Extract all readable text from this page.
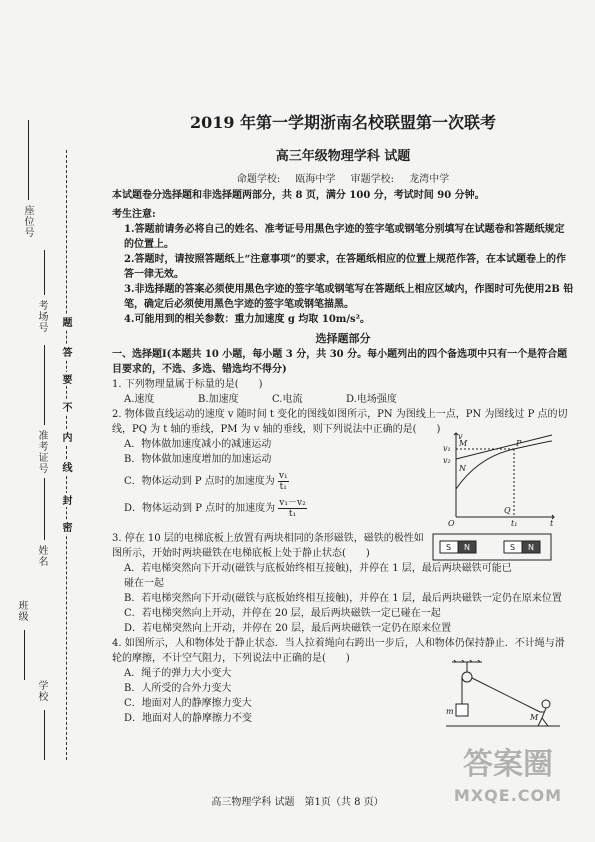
座位号
考场号
准考证号
姓名
班级
学校
题
答
要
不
内
线
封
密
2019 年第一学期浙南名校联盟第一次联考
高三年级物理学科 试题
命题学校: 瓯海中学 审题学校: 龙湾中学

本试题卷分选择题和非选择题两部分，共 8 页，满分 100 分，考试时间 90 分钟。

考生注意:

1.答题前请务必将自己的姓名、准考证号用黑色字迹的签字笔或钢笔分别填写在试题卷和答题纸规定的位置上。

2.答题时，请按照答题纸上“注意事项”的要求，在答题纸相应的位置上规范作答，在本试题卷上的作答一律无效。

3.非选择题的答案必须使用黑色字迹的签字笔或钢笔写在答题纸上相应区域内，作图时可先使用2B 铅笔，确定后必须使用黑色字迹的签字笔或钢笔描黑。

4.可能用到的相关参数：重力加速度 g 均取 10m/s²。

选择题部分

一、选择题Ⅰ(本题共 10 小题，每小题 3 分，共 30 分。每小题列出的四个备选项中只有一个是符合题目要求的，不选、多选、错选均不得分)

1. 下列物理量属于标量的是(　　)

A.速度	B.加速度	C.电流	D.电场强度

2. 物体做直线运动的速度 v 随时间 t 变化的图线如图所示，PN 为图线上一点，PN 为图线过 P 点的切线，PQ 为 t 轴的垂线，PM 为 v 轴的垂线，则下列说法中正确的是(　　)

A．物体做加速度减小的减速运动

B．物体做加速度增加的加速运动

C．物体运动到 P 点时的加速度为 $\frac{\text{v₁}}{\text{t₁}}$

D．物体运动到 P 点时的加速度为 $\frac{\text{v₁－v₂}}{\text{t₁}}$

v
t
v₁
v₂
M
N
P
Q
O	t₁

3. 停在 10 层的电梯底板上放置有两块相同的条形磁铁，磁铁的极性如图所示，开始时两块磁铁在电梯底板上处于静止状态(　　)

S N	S N

A．若电梯突然向下开动(磁铁与底板始终相互接触)，并停在 1 层，最后两块磁铁可能已碰在一起

B．若电梯突然向下开动(磁铁与底板始终相互接触)，并停在 1 层，最后两块磁铁一定仍在原来位置

C．若电梯突然向上开动，并停在 20 层，最后两块磁铁一定已碰在一起

D．若电梯突然向上开动，并停在 20 层，最后两块磁铁一定仍在原来位置

4. 如图所示，人和物体处于静止状态．当人拉着绳向右跨出一步后，人和物体仍保持静止．不计绳与滑轮的摩擦，不计空气阻力，下列说法中正确的是(　　)

A．绳子的弹力大小变大

B．人所受的合外力变大

C．地面对人的静摩擦力变大

D．地面对人的静摩擦力不变

m
M
高三物理学科 试题　第1页（共 8 页）
答案圈
MXQE.COM
